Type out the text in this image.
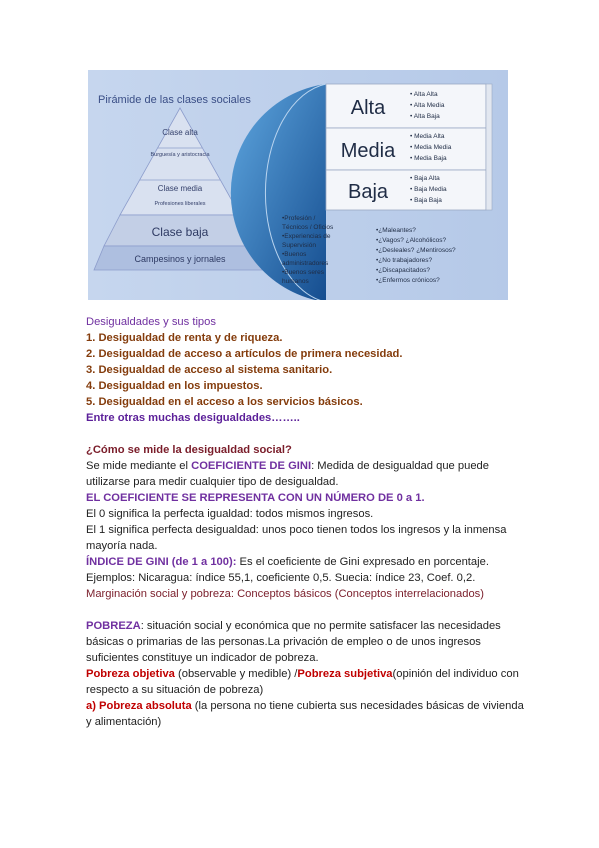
Pirámide de las clases sociales
Clase alta
Burguesía y aristocracia
Clase media
Profesiones liberales
Clase baja
Campesinos y jornales
Alta
Media
Baja
• Alta Alta
• Alta Media
• Alta Baja
• Media Alta
• Media Media
• Media Baja
• Baja Alta
• Baja Media
• Baja Baja
•Profesión /
Técnicos / Oficios
•Experiencias de
Supervisión
•Buenos
administradores
•Buenos seres
humanos
•¿Maleantes?
•¿Vagos? ¿Alcohólicos?
•¿Desleales? ¿Mentirosos?
•¿No trabajadores?
•¿Discapacitados?
•¿Enfermos crónicos?
Desigualdades y sus tipos
1. Desigualdad de renta y de riqueza.
2. Desigualdad de acceso a artículos de primera necesidad.
3. Desigualdad de acceso al sistema sanitario.
4. Desigualdad en los impuestos.
5. Desigualdad en el acceso a los servicios básicos.
Entre otras muchas desigualdades……..
¿Cómo se mide la desigualdad social?
Se mide mediante el COEFICIENTE DE GINI: Medida de desigualdad que puede utilizarse para medir cualquier tipo de desigualdad.
EL COEFICIENTE SE REPRESENTA CON UN NÚMERO DE 0 a 1.
El 0 significa la perfecta igualdad: todos mismos ingresos.
El 1 significa perfecta desigualdad: unos poco tienen todos los ingresos y la inmensa mayoría nada.
ÍNDICE DE GINI (de 1 a 100): Es el coeficiente de Gini expresado en porcentaje.
Ejemplos: Nicaragua: índice 55,1, coeficiente 0,5. Suecia: índice 23, Coef. 0,2.
Marginación social y pobreza: Conceptos básicos (Conceptos interrelacionados)
POBREZA: situación social y económica que no permite satisfacer las necesidades básicas o primarias de las personas.La privación de empleo o de unos ingresos suficientes constituye un indicador de pobreza.
Pobreza objetiva (observable y medible) /Pobreza subjetiva(opinión del individuo con respecto a su situación de pobreza)
a) Pobreza absoluta (la persona no tiene cubierta sus necesidades básicas de vivienda y alimentación)
